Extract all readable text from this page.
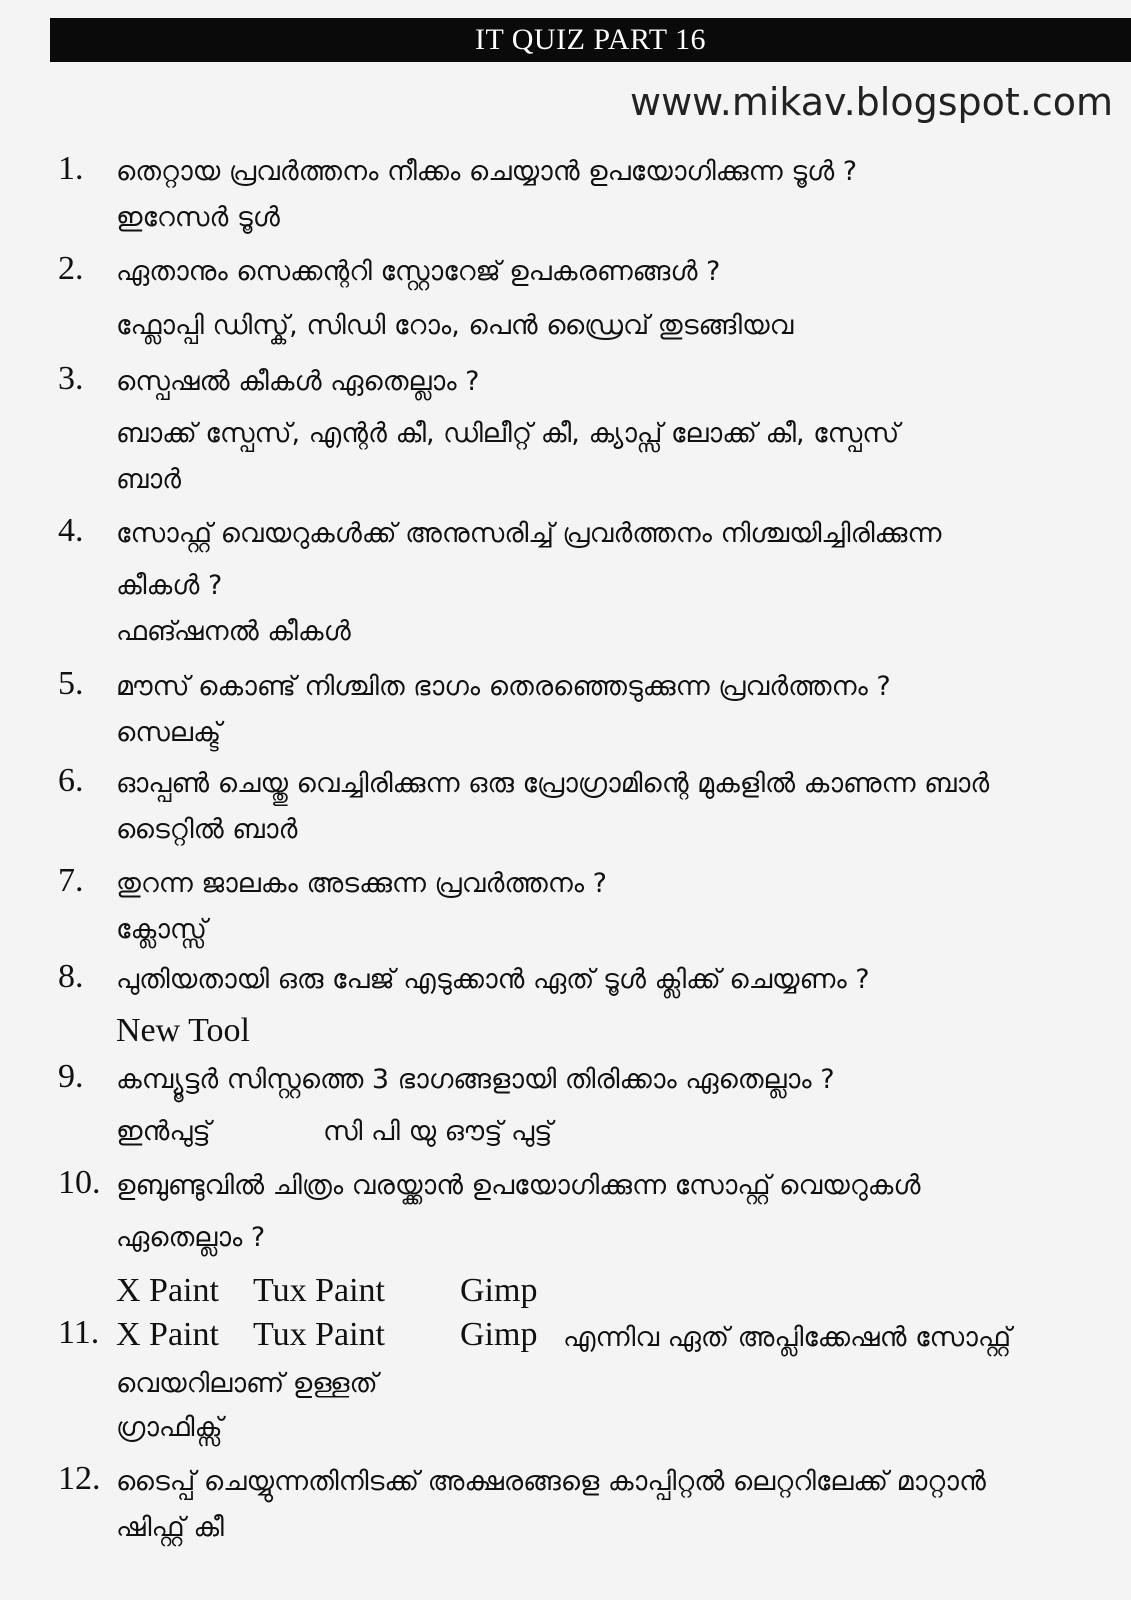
IT QUIZ PART 16
www.mikav.blogspot.com
1. തെറ്റായ പ്രവർത്തനം നീക്കം ചെയ്യാൻ ഉപയോഗിക്കുന്ന ടൂൾ ?
ഇറേസർ ടൂൾ
2. ഏതാനും സെക്കന്ററി സ്റ്റോറേജ് ഉപകരണങ്ങൾ ?
ഫ്ലോപ്പി ഡിസ്ക്, സിഡി റോം, പെൻ ഡ്രൈവ് തുടങ്ങിയവ
3. സ്പെഷൽ കീകൾ ഏതെല്ലാം ?
ബാക്ക് സ്പേസ്, എന്റർ കീ, ഡിലീറ്റ് കീ, ക്യാപ്സ് ലോക്ക് കീ, സ്പേസ്
ബാർ
4. സോഫ്റ്റ് വെയറുകൾക്ക് അനുസരിച്ച് പ്രവർത്തനം നിശ്ചയിച്ചിരിക്കുന്ന
കീകൾ ?
ഫങ്ഷനൽ കീകൾ
5. മൗസ് കൊണ്ട് നിശ്ചിത ഭാഗം തെരഞ്ഞെടുക്കുന്ന പ്രവർത്തനം ?
സെലക്ട്
6. ഓപ്പൺ ചെയ്തു വെച്ചിരിക്കുന്ന ഒരു പ്രോഗ്രാമിന്റെ മുകളിൽ കാണുന്ന ബാർ
ടൈറ്റിൽ ബാർ
7. തുറന്ന ജാലകം അടക്കുന്ന പ്രവർത്തനം ?
ക്ലോസ്സ്
8. പുതിയതായി ഒരു പേജ് എടുക്കാൻ ഏത് ടൂൾ ക്ലിക്ക് ചെയ്യണം ?
New Tool
9. കമ്പ്യൂട്ടർ സിസ്റ്റത്തെ 3 ഭാഗങ്ങളായി തിരിക്കാം ഏതെല്ലാം ?
ഇൻപുട്ട്	സി പി യു ഔട്ട് പുട്ട്
10. ഉബുണ്ടുവിൽ ചിത്രം വരയ്ക്കാൻ ഉപയോഗിക്കുന്ന സോഫ്റ്റ് വെയറുകൾ
ഏതെല്ലാം ?
X Paint Tux Paint Gimp
11. X Paint Tux Paint Gimp എന്നിവ ഏത് അപ്ലിക്കേഷൻ സോഫ്റ്റ്
വെയറിലാണ് ഉള്ളത്
ഗ്രാഫിക്സ്
12. ടൈപ്പ് ചെയ്യുന്നതിനിടക്ക് അക്ഷരങ്ങളെ കാപ്പിറ്റൽ ലെറ്ററിലേക്ക് മാറ്റാൻ
ഷിഫ്റ്റ് കീ
